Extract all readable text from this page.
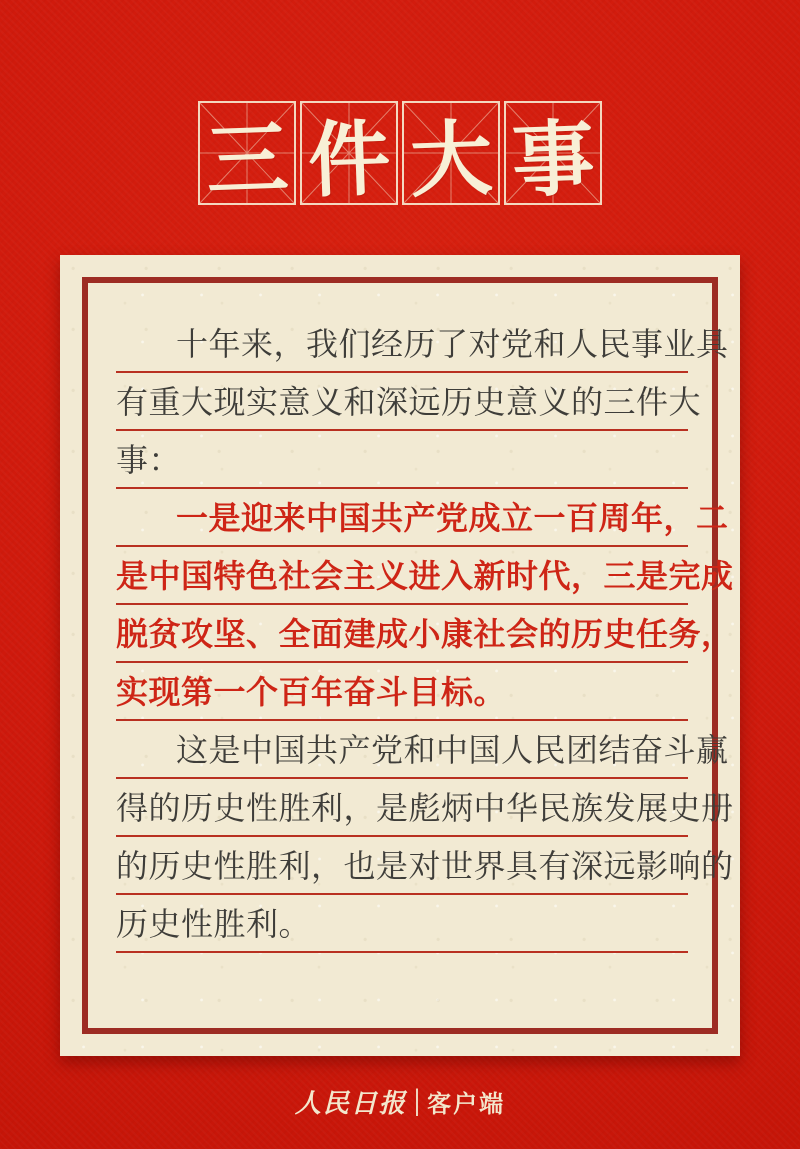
三 件 大 事
十年来，我们经历了对党和人民事业具
有重大现实意义和深远历史意义的三件大
事：
一是迎来中国共产党成立一百周年，二
是中国特色社会主义进入新时代，三是完成
脱贫攻坚、全面建成小康社会的历史任务，
实现第一个百年奋斗目标。
这是中国共产党和中国人民团结奋斗赢
得的历史性胜利，是彪炳中华民族发展史册
的历史性胜利，也是对世界具有深远影响的
历史性胜利。
人民日报 | 客户端
